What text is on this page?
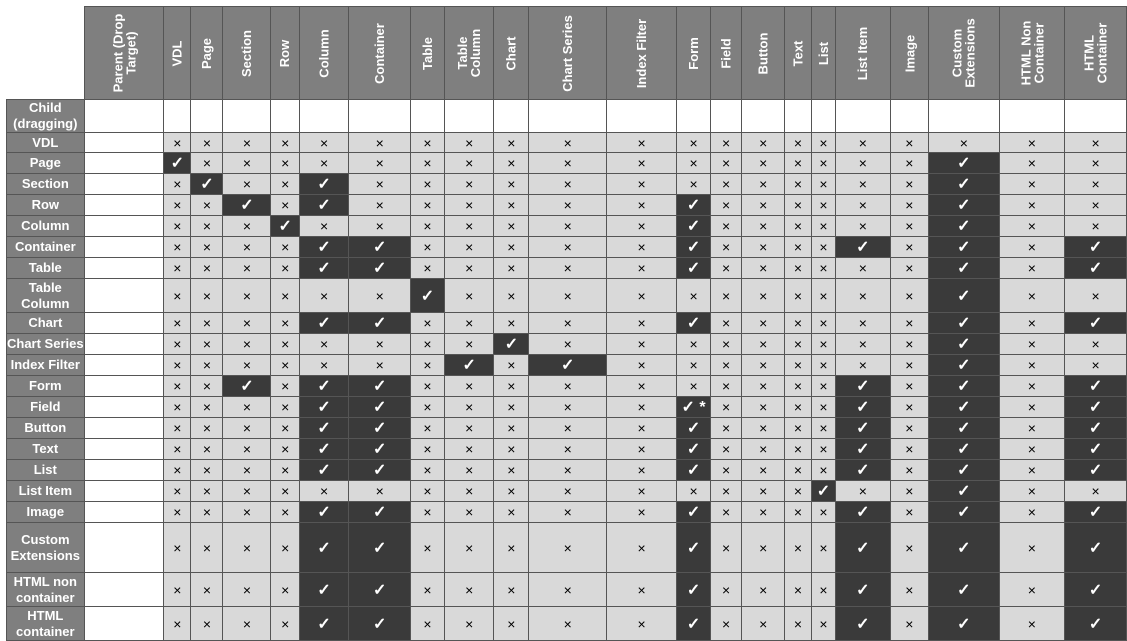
	Parent (Drop
Target)	VDL	Page	Section	Row	Column	Container	Table	Table
Column	Chart	Chart Series	Index Filter	Form	Field	Button	Text	List	List Item	Image	Custom
Extensions	HTML Non
Container	HTML
Container
Child
(dragging)																						
VDL		×	×	×	×	×	×	×	×	×	×	×	×	×	×	×	×	×	×	×	×	×
Page		✓	×	×	×	×	×	×	×	×	×	×	×	×	×	×	×	×	×	✓	×	×
Section		×	✓	×	×	✓	×	×	×	×	×	×	×	×	×	×	×	×	×	✓	×	×
Row		×	×	✓	×	✓	×	×	×	×	×	×	✓	×	×	×	×	×	×	✓	×	×
Column		×	×	×	✓	×	×	×	×	×	×	×	✓	×	×	×	×	×	×	✓	×	×
Container		×	×	×	×	✓	✓	×	×	×	×	×	✓	×	×	×	×	✓	×	✓	×	✓
Table		×	×	×	×	✓	✓	×	×	×	×	×	✓	×	×	×	×	×	×	✓	×	✓
Table
Column		×	×	×	×	×	×	✓	×	×	×	×	×	×	×	×	×	×	×	✓	×	×
Chart		×	×	×	×	✓	✓	×	×	×	×	×	✓	×	×	×	×	×	×	✓	×	✓
Chart Series		×	×	×	×	×	×	×	×	✓	×	×	×	×	×	×	×	×	×	✓	×	×
Index Filter		×	×	×	×	×	×	×	✓	×	✓	×	×	×	×	×	×	×	×	✓	×	×
Form		×	×	✓	×	✓	✓	×	×	×	×	×	×	×	×	×	×	✓	×	✓	×	✓
Field		×	×	×	×	✓	✓	×	×	×	×	×	✓ *	×	×	×	×	✓	×	✓	×	✓
Button		×	×	×	×	✓	✓	×	×	×	×	×	✓	×	×	×	×	✓	×	✓	×	✓
Text		×	×	×	×	✓	✓	×	×	×	×	×	✓	×	×	×	×	✓	×	✓	×	✓
List		×	×	×	×	✓	✓	×	×	×	×	×	✓	×	×	×	×	✓	×	✓	×	✓
List Item		×	×	×	×	×	×	×	×	×	×	×	×	×	×	×	✓	×	×	✓	×	×
Image		×	×	×	×	✓	✓	×	×	×	×	×	✓	×	×	×	×	✓	×	✓	×	✓
Custom
Extensions		×	×	×	×	✓	✓	×	×	×	×	×	✓	×	×	×	×	✓	×	✓	×	✓
HTML non
container		×	×	×	×	✓	✓	×	×	×	×	×	✓	×	×	×	×	✓	×	✓	×	✓
HTML
container		×	×	×	×	✓	✓	×	×	×	×	×	✓	×	×	×	×	✓	×	✓	×	✓
